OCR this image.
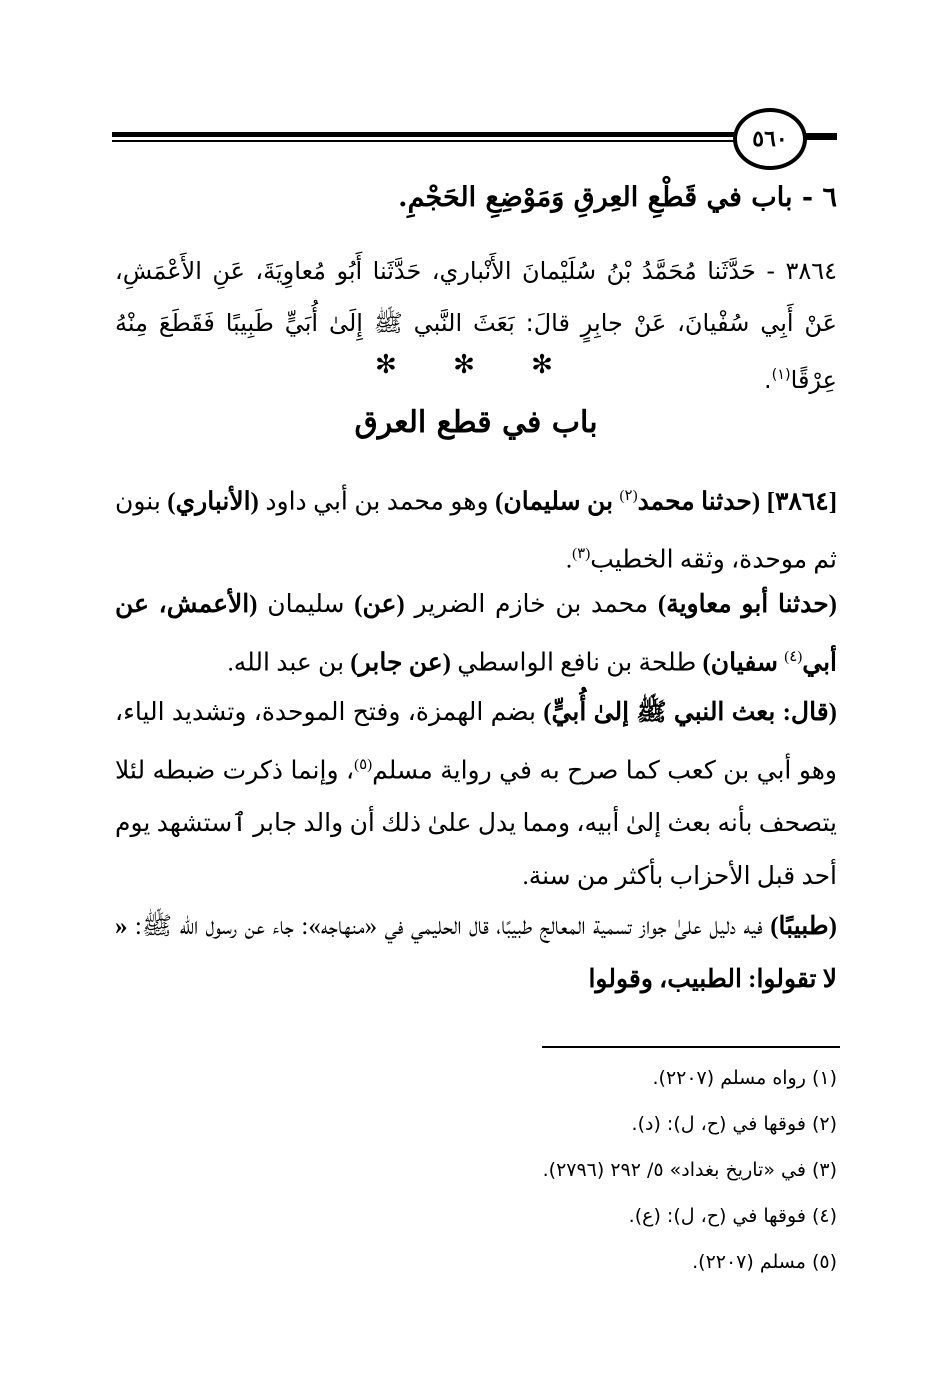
٥٦٠
٦ - باب في قَطْعِ العِرقِ وَمَوْضِعِ الحَجْمِ.

٣٨٦٤ - حَدَّثَنا مُحَمَّدُ بْنُ سُلَيْمانَ الأَنْباري، حَدَّثَنا أَبُو مُعاوِيَةَ، عَنِ الأَعْمَشِ، عَنْ أَبِي سُفْيانَ، عَنْ جابِرٍ قالَ: بَعَثَ النَّبي ﷺ إِلَىٰ أُبَيٍّ طَبِيبًا فَقَطَعَ مِنْهُ عِرْقًا$^{(١)}$.

✻ ✻ ✻
باب في قطع العرق

[٣٨٦٤] (حدثنا محمد$^{(٢)}$ بن سليمان) وهو محمد بن أبي داود (الأنباري) بنون ثم موحدة، وثقه الخطيب$^{(٣)}$.

(حدثنا أبو معاوية) محمد بن خازم الضرير (عن) سليمان (الأعمش، عن أبي$^{(٤)}$ سفيان) طلحة بن نافع الواسطي (عن جابر) بن عبد الله.

(قال: بعث النبي ﷺ إلىٰ أُبيٍّ) بضم الهمزة، وفتح الموحدة، وتشديد الياء، وهو أبي بن كعب كما صرح به في رواية مسلم$^{(٥)}$، وإنما ذكرت ضبطه لئلا يتصحف بأنه بعث إلىٰ أبيه، ومما يدل علىٰ ذلك أن والد جابر ٱستشهد يوم أحد قبل الأحزاب بأكثر من سنة.

(طبيبًا) فيه دليل علىٰ جواز تسمية المعالج طبيبًا، قال الحليمي في «منهاجه»: جاء عن رسول الله ﷺ: « لا تقولوا: الطبيب، وقولوا

(١) رواه مسلم (٢٢٠٧).
(٢) فوقها في (ح، ل): (د).
(٣) في «تاريخ بغداد» ٥/ ٢٩٢ (٢٧٩٦).
(٤) فوقها في (ح، ل): (ع).
(٥) مسلم (٢٢٠٧).
